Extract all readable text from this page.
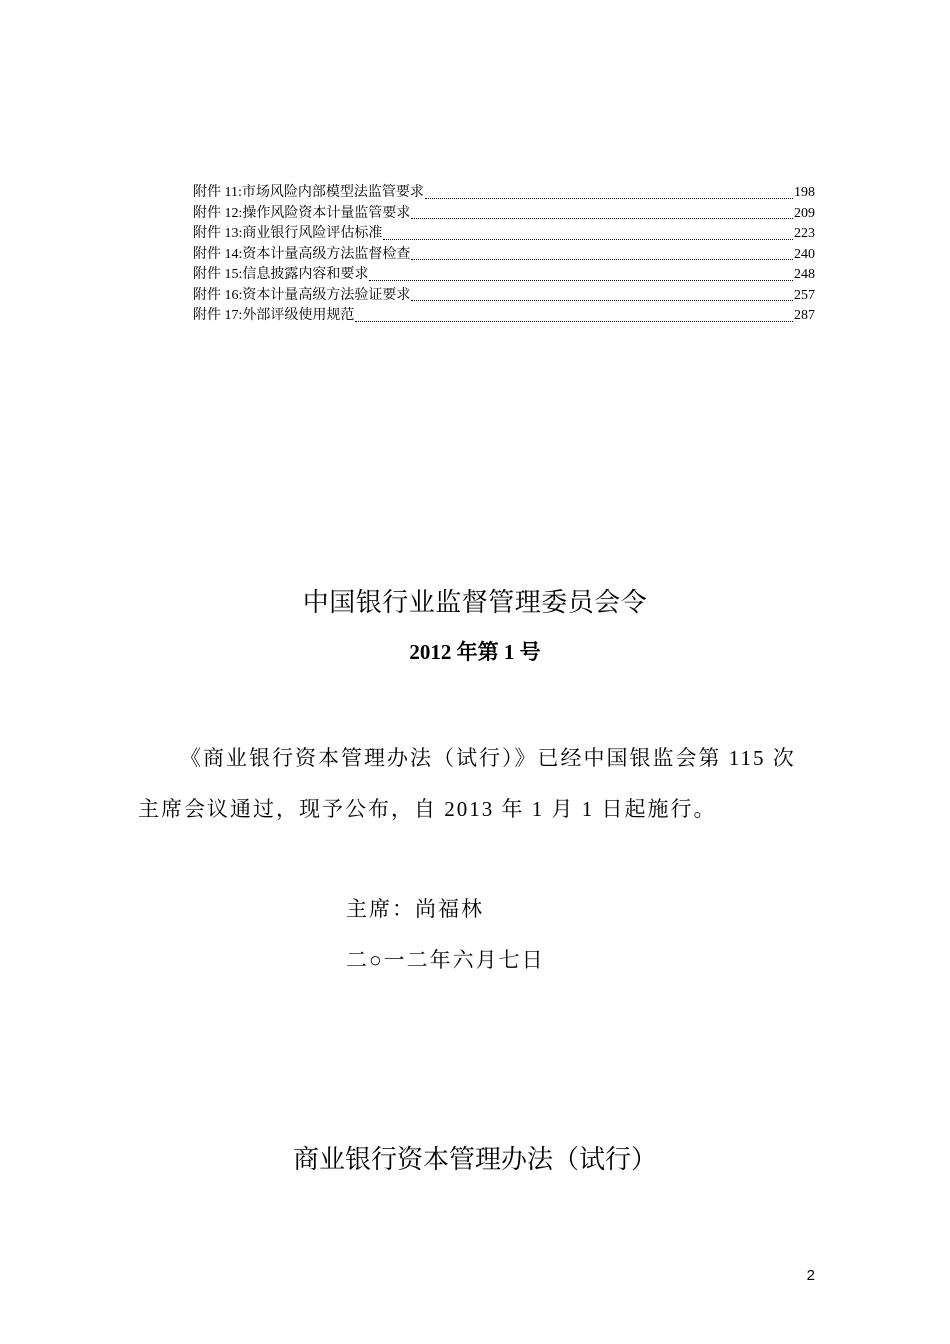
附件 11: 市场风险内部模型法监管要求	198
附件 12: 操作风险资本计量监管要求	209
附件 13: 商业银行风险评估标准	223
附件 14: 资本计量高级方法监督检查	240
附件 15: 信息披露内容和要求	248
附件 16: 资本计量高级方法验证要求	257
附件 17: 外部评级使用规范	287
中国银行业监督管理委员会令
2012 年第 1 号
《商业银行资本管理办法（试行）》已经中国银监会第 115 次主席会议通过，现予公布，自 2013 年 1 月 1 日起施行。
主席：尚福林
二○一二年六月七日
商业银行资本管理办法（试行）
2
